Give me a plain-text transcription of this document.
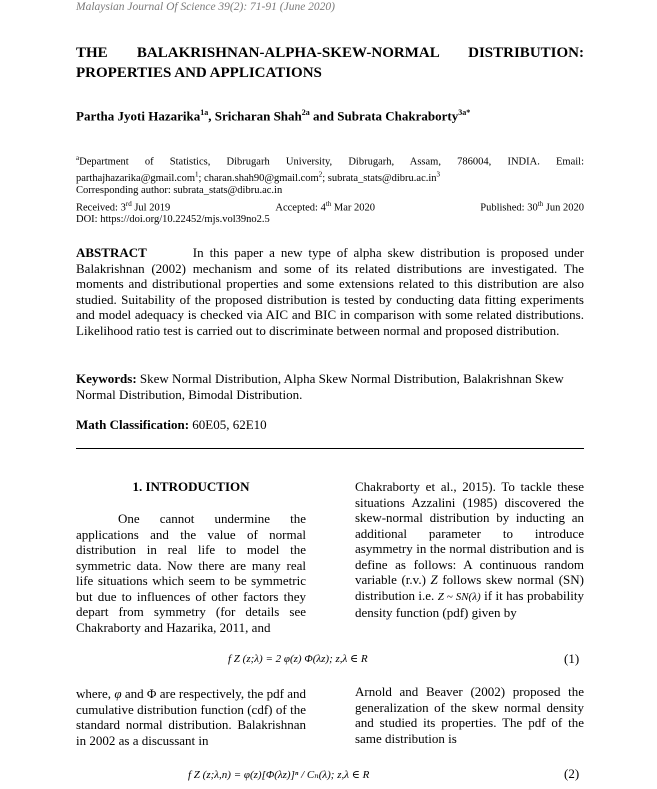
Malaysian Journal Of Science 39(2): 71-91 (June 2020)
THE BALAKRISHNAN-ALPHA-SKEW-NORMAL DISTRIBUTION:
PROPERTIES AND APPLICATIONS
Partha Jyoti Hazarika$^{1a}$, Sricharan Shah$^{2a}$ and Subrata Chakraborty$^{3a*}$
$^a$Department of Statistics, Dibrugarh University, Dibrugarh, Assam, 786004, INDIA. Email:
parthajhazarika@gmail.com$^1$; charan.shah90@gmail.com$^2$; $subrata\_stats@dibru.ac.in^3$
Corresponding author: subrata_stats@dibru.ac.in
Received: 3rd Jul 2019	Accepted: 4th Mar 2020	Published: 30th Jun 2020
DOI: https://doi.org/10.22452/mjs.vol39no2.5
ABSTRACT	In this paper a new type of alpha skew distribution is proposed under Balakrishnan (2002) mechanism and some of its related distributions are investigated. The moments and distributional properties and some extensions related to this distribution are also studied. Suitability of the proposed distribution is tested by conducting data fitting experiments and model adequacy is checked via AIC and BIC in comparison with some related distributions. Likelihood ratio test is carried out to discriminate between normal and proposed distribution.
Keywords: Skew Normal Distribution, Alpha Skew Normal Distribution, Balakrishnan Skew Normal Distribution, Bimodal Distribution.
Math Classification: 60E05, 62E10
1. INTRODUCTION
One cannot undermine the applications and the value of normal distribution in real life to model the symmetric data. Now there are many real life situations which seem to be symmetric but due to influences of other factors they depart from symmetry (for details see Chakraborty and Hazarika, 2011, and
Chakraborty et al., 2015). To tackle these situations Azzalini (1985) discovered the skew-normal distribution by inducting an additional parameter to introduce asymmetry in the normal distribution and is define as follows: A continuous random variable (r.v.) Z follows skew normal (SN) distribution i.e. Z ~ SN(λ) if it has probability density function (pdf) given by
f Z (z;λ) = 2 φ(z) Φ(λz); z,λ ∈ R	(1)
where, φ and Φ are respectively, the pdf and cumulative distribution function (cdf) of the standard normal distribution. Balakrishnan in 2002 as a discussant in
Arnold and Beaver (2002) proposed the generalization of the skew normal density and studied its properties. The pdf of the same distribution is
f Z (z;λ,n) = φ(z)[Φ(λz)]ⁿ / Cₙ(λ); z,λ ∈ R	(2)
